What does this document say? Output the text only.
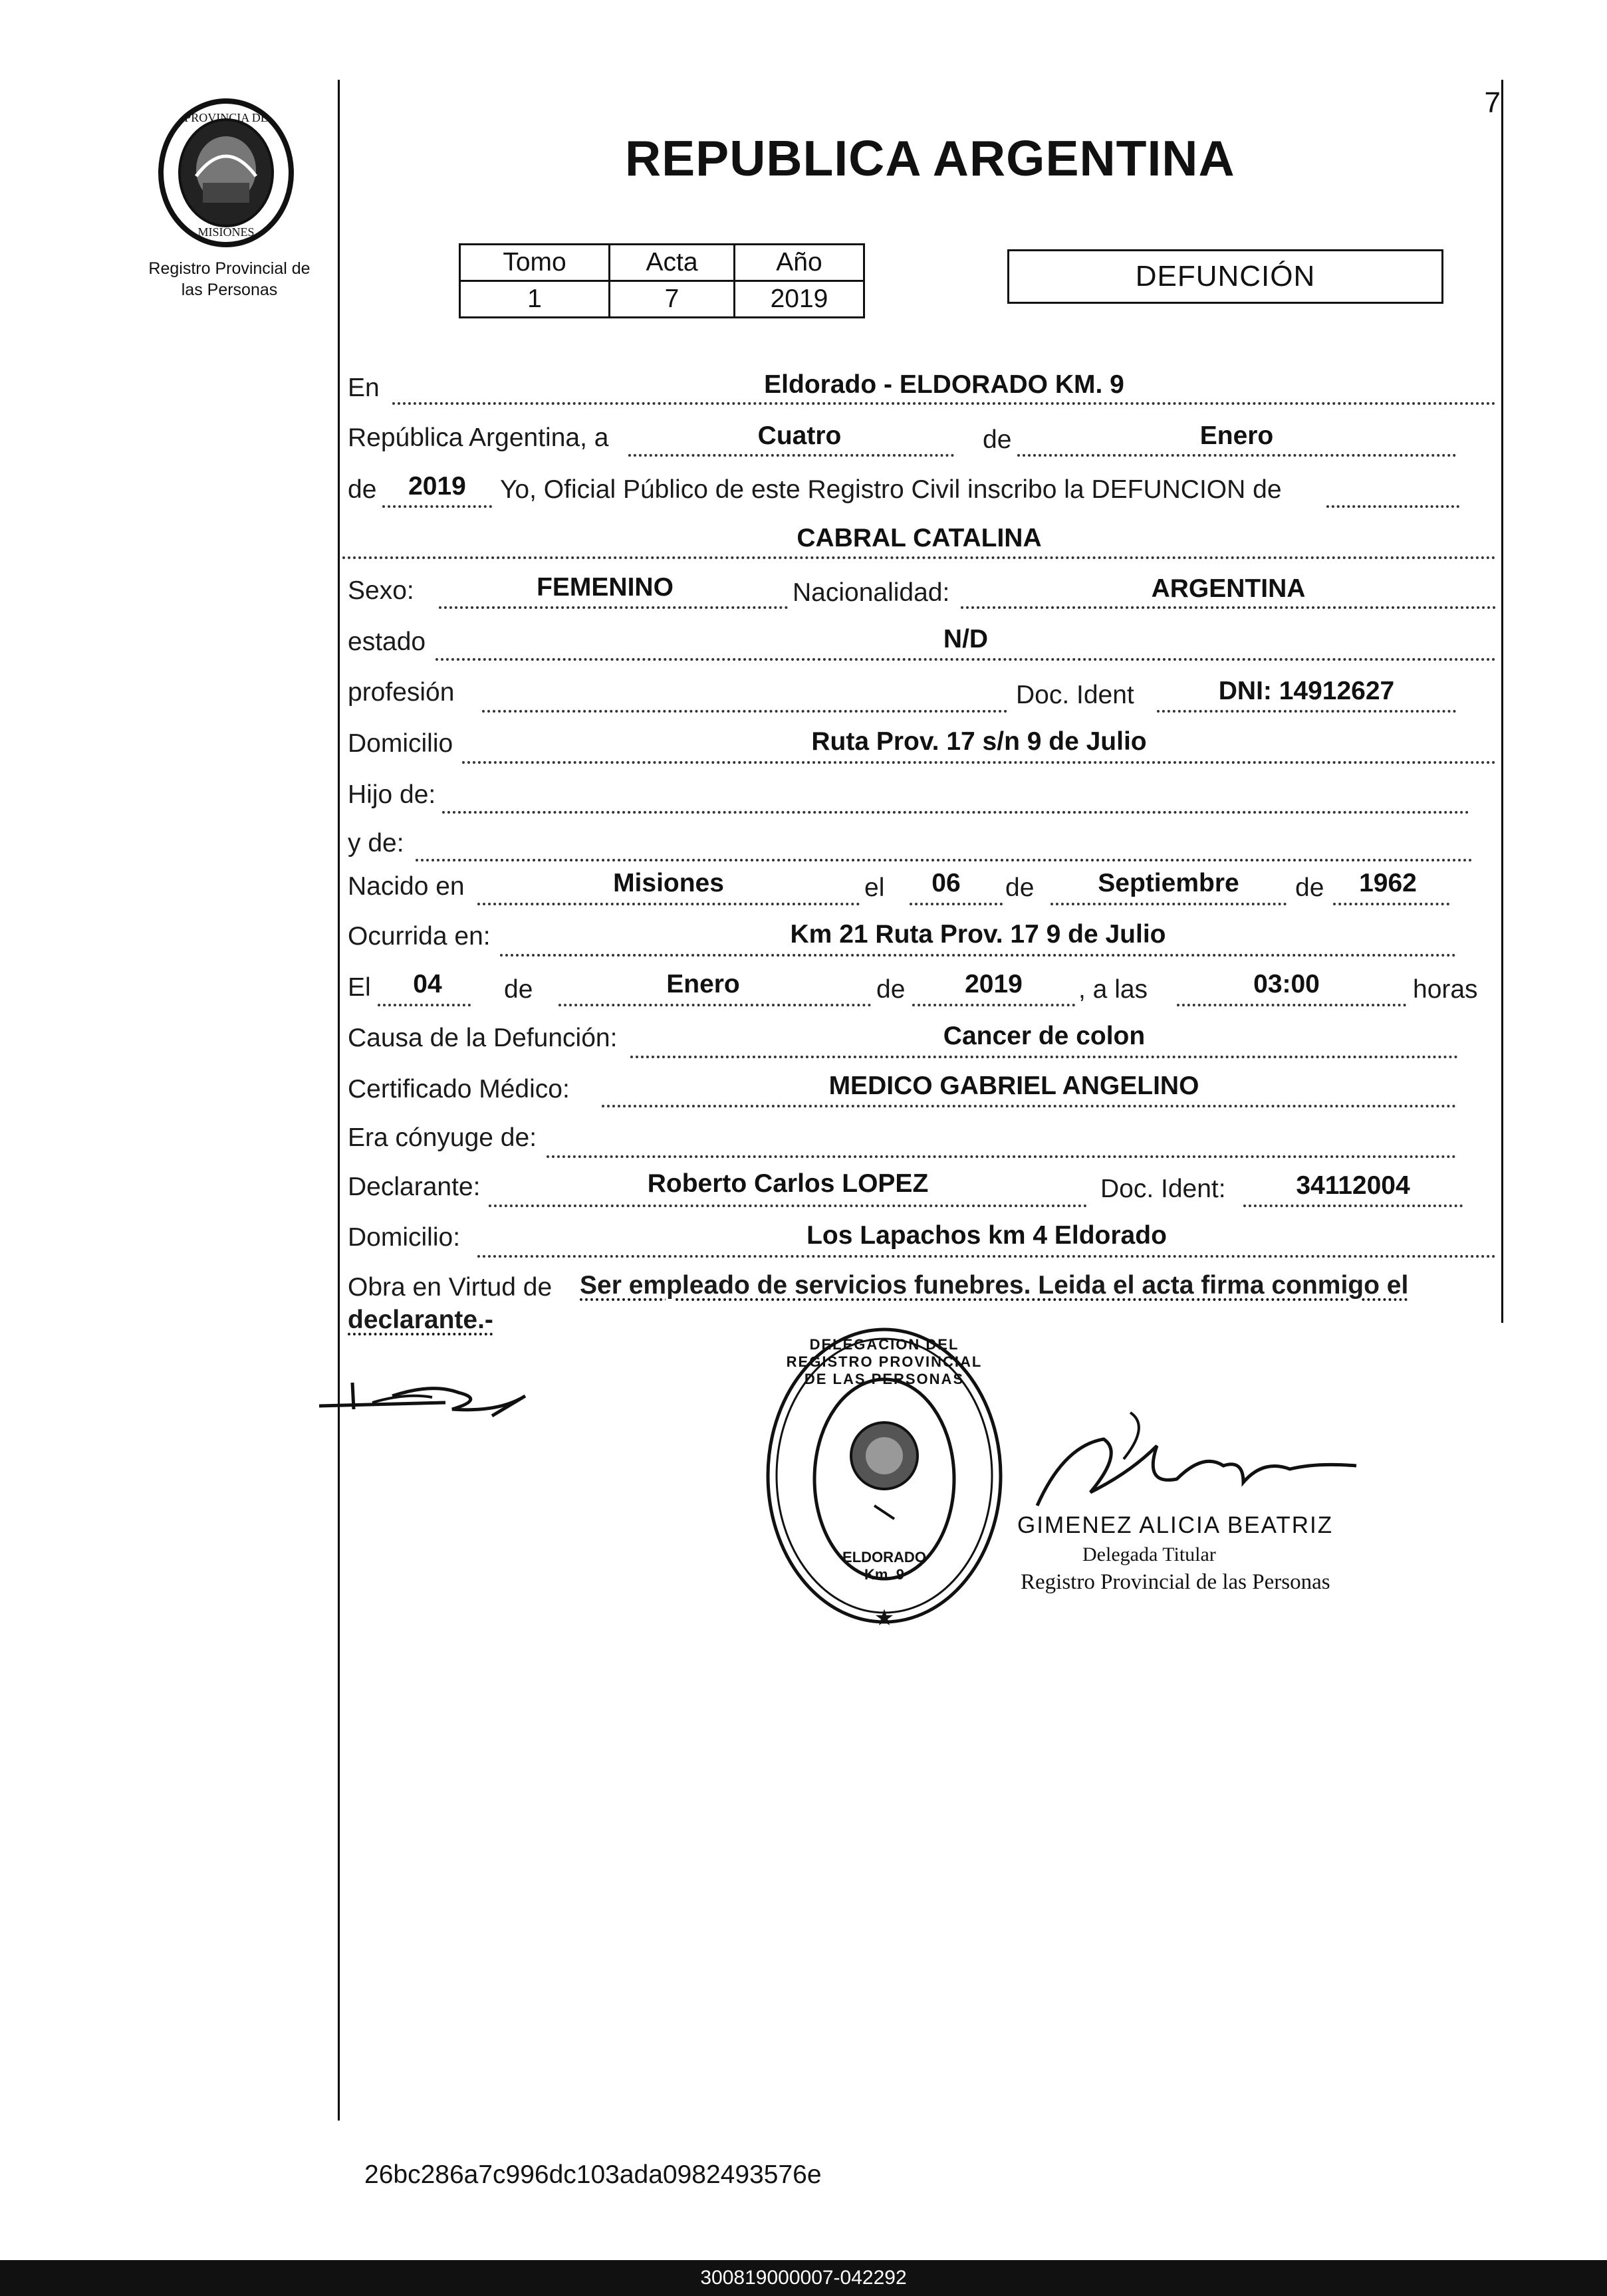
PROVINCIA DE
MISIONES
Registro Provincial de
las Personas
7
REPUBLICA ARGENTINA
Tomo	Acta	Año
1	7	2019
DEFUNCIÓN
En	Eldorado - ELDORADO KM. 9
República Argentina, a	Cuatro	de	Enero
de	2019	Yo, Oficial Público de este Registro Civil inscribo la DEFUNCION de
CABRAL CATALINA
Sexo:	FEMENINO	Nacionalidad:	ARGENTINA
estado	N/D
profesión	Doc. Ident	DNI: 14912627
Domicilio	Ruta Prov. 17 s/n 9 de Julio
Hijo de:
y de:
Nacido en	Misiones	el	06	de	Septiembre	de	1962
Ocurrida en:	Km 21 Ruta Prov. 17 9 de Julio
El	04	de	Enero	de	2019	, a las	03:00	horas
Causa de la Defunción:	Cancer de colon
Certificado Médico:	MEDICO GABRIEL ANGELINO
Era cónyuge de:
Declarante:	Roberto Carlos LOPEZ	Doc. Ident:	34112004
Domicilio:	Los Lapachos km 4 Eldorado
Obra en Virtud de Ser empleado de servicios funebres. Leida el acta firma conmigo el
declarante.-
★
DELEGACION DEL REGISTRO PROVINCIAL DE LAS PERSONAS
ELDORADO Km. 9
GIMENEZ ALICIA BEATRIZ
Delegada Titular
Registro Provincial de las Personas
26bc286a7c996dc103ada0982493576e
300819000007-042292
